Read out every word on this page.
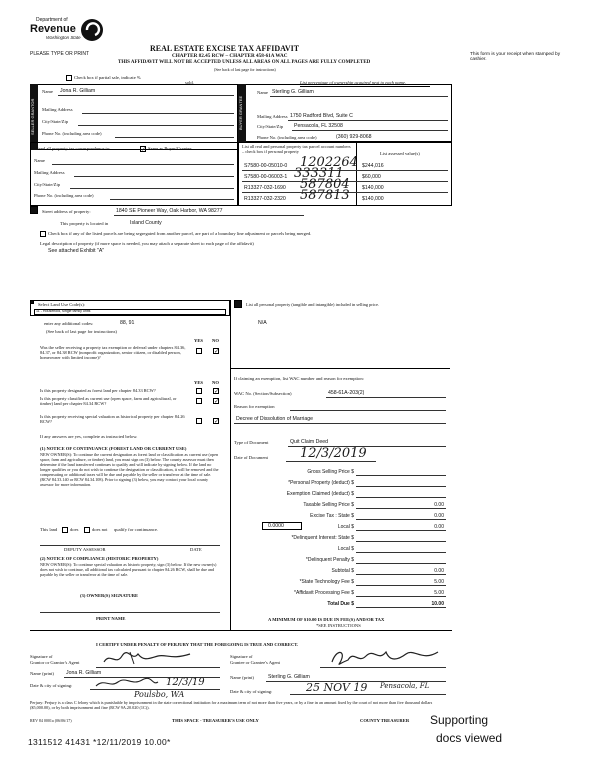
Department of
Revenue
Washington State
REAL ESTATE EXCISE TAX AFFIDAVIT
CHAPTER 82.45 RCW – CHAPTER 458-61A WAC
THIS AFFIDAVIT WILL NOT BE ACCEPTED UNLESS ALL AREAS ON ALL PAGES ARE FULLY COMPLETED
(See back of last page for instructions)
This form is your receipt when stamped by cashier.
PLEASE TYPE OR PRINT
Check box if partial sale, indicate %
sold.	List percentage of ownership acquired next to each name.
SELLER GRANTOR
Name Jona R. Gilliam
Mailing Address
City/State/Zip
Phone No. (including area code)
BUYER GRANTEE
Name Sterling G. Gilliam
Mailing Address 1750 Radford Blvd, Suite C
City/State/Zip Pensacola, FL 32508
Phone No. (including area code)	(360) 929-8068
Send all property tax correspondence to:	✓ Same as Buyer/Grantee
Name
Mailing Address
City/State/Zip
Phone No. (including area code)
List all real and personal property tax parcel account numbers – check box if personal property	List assessed value(s)
S7580-00-05010-0 1202264 $244,016
S7580-00-06003-1 333311	$60,000
R13327-032-1690 587804 $140,000
R13327-032-2320 587813 $140,000
Street address of property:	1840 SE Pioneer Way, Oak Harbor, WA 98277
This property is located in	Island County
Check box if any of the listed parcels are being segregated from another parcel, are part of a boundary line adjustment or parcels being merged.
Legal description of property (if more space is needed, you may attach a separate sheet to each page of the affidavit)
See attached Exhibit "A"
Select Land Use Code(s):
11 - Household, single family units
enter any additional codes:	88, 91
(See back of last page for instructions)
YES NO
Was the seller receiving a property tax exemption or deferral under chapters 84.36, 84.37, or 84.38 RCW (nonprofit organization, senior citizen, or disabled person, homeowner with limited income)?
✓
YES NO
Is this property designated as forest land per chapter 84.33 RCW?	✓
Is this property classified as current use (open space, farm and agricultural, or timber) land per chapter 84.34 RCW?	✓
Is this property receiving special valuation as historical property per chapter 84.26 RCW?	✓
If any answers are yes, complete as instructed below.
(1) NOTICE OF CONTINUANCE (FOREST LAND OR CURRENT USE)
NEW OWNER(S): To continue the current designation as forest land or classification as current use (open space, farm and agriculture, or timber) land, you must sign on (3) below. The county assessor must then determine if the land transferred continues to qualify and will indicate by signing below. If the land no longer qualifies or you do not wish to continue the designation or classification, it will be removed and the compensating or additional taxes will be due and payable by the seller or transferor at the time of sale. (RCW 84.33.140 or RCW 84.34.108). Prior to signing (3) below, you may contact your local county assessor for more information.
This land	does	does not qualify for continuance.
DEPUTY ASSESSOR	DATE
(2) NOTICE OF COMPLIANCE (HISTORIC PROPERTY)
NEW OWNER(S): To continue special valuation as historic property, sign (3) below. If the new owner(s) does not wish to continue, all additional tax calculated pursuant to chapter 84.26 RCW, shall be due and payable by the seller or transferor at the time of sale.
(3) OWNER(S) SIGNATURE
PRINT NAME
List all personal property (tangible and intangible) included in selling price.
N/A
If claiming an exemption, list WAC number and reason for exemption:
WAC No. (Section/Subsection)	458-61A-203(2)
Reason for exemption
Decree of Dissolution of Marriage
Type of Document	Quit Claim Deed
Date of Document 12/3/2019
Gross Selling Price $
*Personal Property (deduct) $
Exemption Claimed (deduct) $
Taxable Selling Price $	0.00
Excise Tax : State $	0.00
0.0000	Local $	0.00
*Delinquent Interest: State $
Local $
*Delinquent Penalty $
Subtotal $	0.00
*State Technology Fee $	5.00
*Affidavit Processing Fee $	5.00
Total Due $	10.00
A MINIMUM OF $10.00 IS DUE IN FEE(S) AND/OR TAX
*SEE INSTRUCTIONS
I CERTIFY UNDER PENALTY OF PERJURY THAT THE FOREGOING IS TRUE AND CORRECT.
Signature of
Grantor or Grantor's Agent
Name (print) Jona R. Gilliam
Date & city of signing:	12/3/19
Poulsbo, WA
Signature of
Grantee or Grantee's Agent
Name (print)	Sterling G. Gilliam
Date & city of signing:	25 NOV 19 Pensacola, FL
Perjury: Perjury is a class C felony which is punishable by imprisonment in the state correctional institution for a maximum term of not more than five years, or by a fine in an amount fixed by the court of not more than five thousand dollars ($5,000.00), or by both imprisonment and fine (RCW 9A.20.020 (1C)).
REV 84 0001a (06/06/17)	THIS SPACE - TREASURER'S USE ONLY	COUNTY TREASURER
1311512 41431 *12/11/2019 10.00*
Supporting
docs viewed
